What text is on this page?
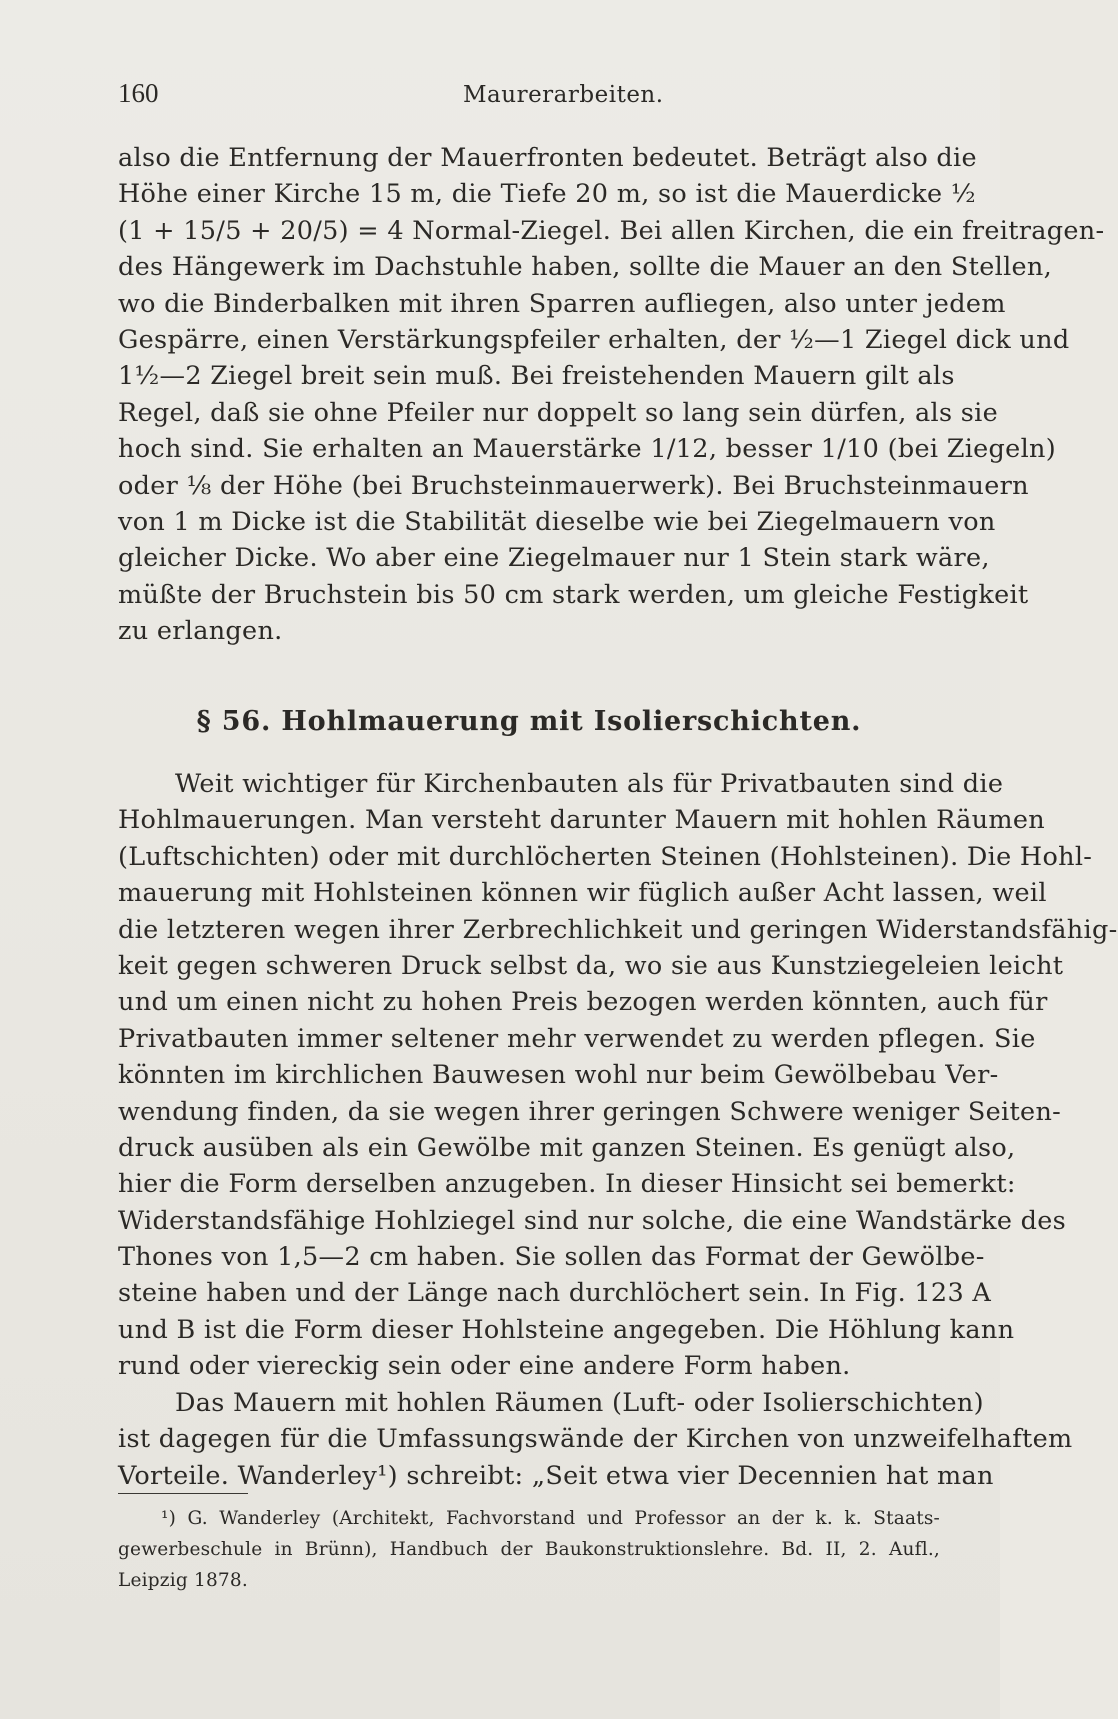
160	Maurerarbeiten.
also die Entfernung der Mauerfronten bedeutet. Beträgt also die
Höhe einer Kirche 15 m, die Tiefe 20 m, so ist die Mauerdicke ½
(1 + 15/5 + 20/5) = 4 Normal-Ziegel. Bei allen Kirchen, die ein freitragen-
des Hängewerk im Dachstuhle haben, sollte die Mauer an den Stellen,
wo die Binderbalken mit ihren Sparren aufliegen, also unter jedem
Gespärre, einen Verstärkungspfeiler erhalten, der ½—1 Ziegel dick und
1½—2 Ziegel breit sein muß. Bei freistehenden Mauern gilt als
Regel, daß sie ohne Pfeiler nur doppelt so lang sein dürfen, als sie
hoch sind. Sie erhalten an Mauerstärke 1/12, besser 1/10 (bei Ziegeln)
oder ⅛ der Höhe (bei Bruchsteinmauerwerk). Bei Bruchsteinmauern
von 1 m Dicke ist die Stabilität dieselbe wie bei Ziegelmauern von
gleicher Dicke. Wo aber eine Ziegelmauer nur 1 Stein stark wäre,
müßte der Bruchstein bis 50 cm stark werden, um gleiche Festigkeit
zu erlangen.
§ 56. Hohlmauerung mit Isolierschichten.
Weit wichtiger für Kirchenbauten als für Privatbauten sind die
Hohlmauerungen. Man versteht darunter Mauern mit hohlen Räumen
(Luftschichten) oder mit durchlöcherten Steinen (Hohlsteinen). Die Hohl-
mauerung mit Hohlsteinen können wir füglich außer Acht lassen, weil
die letzteren wegen ihrer Zerbrechlichkeit und geringen Widerstandsfähig-
keit gegen schweren Druck selbst da, wo sie aus Kunstziegeleien leicht
und um einen nicht zu hohen Preis bezogen werden könnten, auch für
Privatbauten immer seltener mehr verwendet zu werden pflegen. Sie
könnten im kirchlichen Bauwesen wohl nur beim Gewölbebau Ver-
wendung finden, da sie wegen ihrer geringen Schwere weniger Seiten-
druck ausüben als ein Gewölbe mit ganzen Steinen. Es genügt also,
hier die Form derselben anzugeben. In dieser Hinsicht sei bemerkt:
Widerstandsfähige Hohlziegel sind nur solche, die eine Wandstärke des
Thones von 1,5—2 cm haben. Sie sollen das Format der Gewölbe-
steine haben und der Länge nach durchlöchert sein. In Fig. 123 A
und B ist die Form dieser Hohlsteine angegeben. Die Höhlung kann
rund oder viereckig sein oder eine andere Form haben.
Das Mauern mit hohlen Räumen (Luft- oder Isolierschichten)
ist dagegen für die Umfassungswände der Kirchen von unzweifelhaftem
Vorteile. Wanderley¹) schreibt: „Seit etwa vier Decennien hat man
¹) G. Wanderley (Architekt, Fachvorstand und Professor an der k. k. Staats-
gewerbeschule in Brünn), Handbuch der Baukonstruktionslehre. Bd. II, 2. Aufl.,
Leipzig 1878.
